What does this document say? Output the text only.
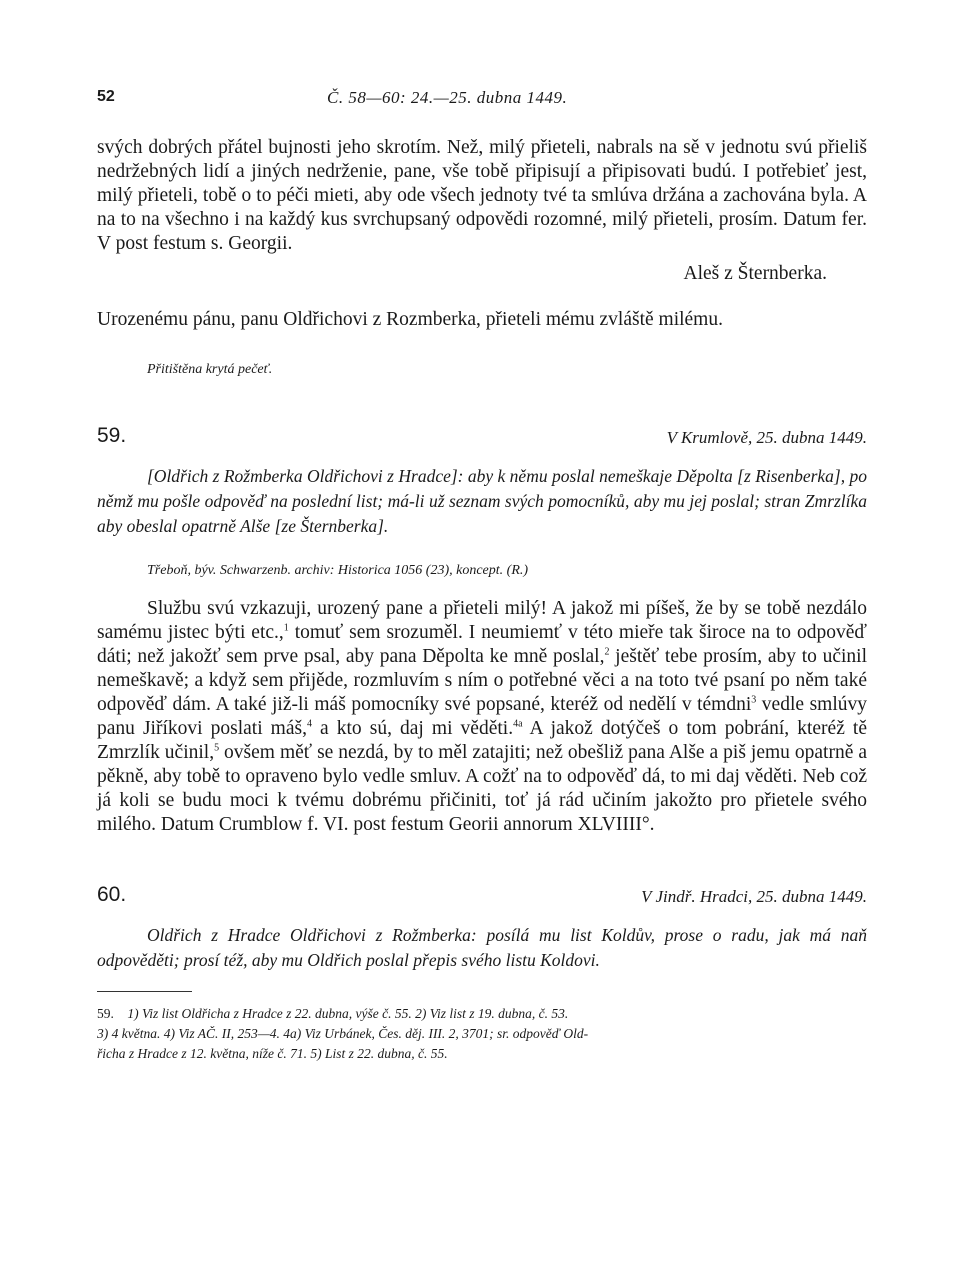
52	Č. 58—60: 24.—25. dubna 1449.

svých dobrých přátel bujnosti jeho skrotím. Než, milý přieteli, nabrals na sě v jednotu svú přieliš nedržebných lidí a jiných nedrženie, pane, vše tobě připisují a připisovati budú. I potřebieť jest, milý přieteli, tobě o to péči mieti, aby ode všech jednoty tvé ta smlúva držána a zachována byla. A na to na všechno i na každý kus svrchupsaný odpovědi rozomné, milý přieteli, prosím. Datum fer. V post festum s. Georgii.

Aleš z Šternberka.

Urozenému pánu, panu Oldřichovi z Rozmberka, přieteli mému zvláště milému.

Přitištěna krytá pečeť.

59.	V Krumlově, 25. dubna 1449.

[Oldřich z Rožmberka Oldřichovi z Hradce]: aby k němu poslal nemeškaje Děpolta [z Risenberka], po němž mu pošle odpověď na poslední list; má-li už seznam svých pomocníků, aby mu jej poslal; stran Zmrzlíka aby obeslal opatrně Alše [ze Šternberka].

Třeboň, býv. Schwarzenb. archiv: Historica 1056 (23), koncept. (R.)

Službu svú vzkazuji, urozený pane a přieteli milý! A jakož mi píšeš, že by se tobě nezdálo samému jistec býti etc.,$^1$ tomuť sem srozuměl. I neumiemť v této mieře tak široce na to odpověď dáti; než jakožť sem prve psal, aby pana Děpolta ke mně poslal,$^2$ ještěť tebe prosím, aby to učinil nemeškavě; a když sem přijěde, rozmluvím s ním o potřebné věci a na toto tvé psaní po něm také odpověď dám. A také již-li máš pomocníky své popsané, kteréž od nedělí v témdni$^3$ vedle smlúvy panu Jiříkovi poslati máš,$^4$ a kto sú, daj mi věděti.$^{4a}$ A jakož dotýčeš o tom pobrání, kteréž tě Zmrzlík učinil,$^5$ ovšem měť se nezdá, by to měl zatajiti; než obešliž pana Alše a piš jemu opatrně a pěkně, aby tobě to opraveno bylo vedle smluv. A cožť na to odpověď dá, to mi daj věděti. Neb což já koli se budu moci k tvému dobrému přičiniti, toť já rád učiním jakožto pro přietele svého milého. Datum Crumblow f. VI. post festum Georii annorum XLVIIII°.

60.	V Jindř. Hradci, 25. dubna 1449.

Oldřich z Hradce Oldřichovi z Rožmberka: posílá mu list Koldův, prose o radu, jak má naň odpověděti; prosí též, aby mu Oldřich poslal přepis svého listu Koldovi.

59. 1) Viz list Oldřicha z Hradce z 22. dubna, výše č. 55. 2) Viz list z 19. dubna, č. 53.
3) 4 května. 4) Viz AČ. II, 253—4. 4a) Viz Urbánek, Čes. děj. III. 2, 3701; sr. odpověď Old-
řicha z Hradce z 12. května, níže č. 71. 5) List z 22. dubna, č. 55.
